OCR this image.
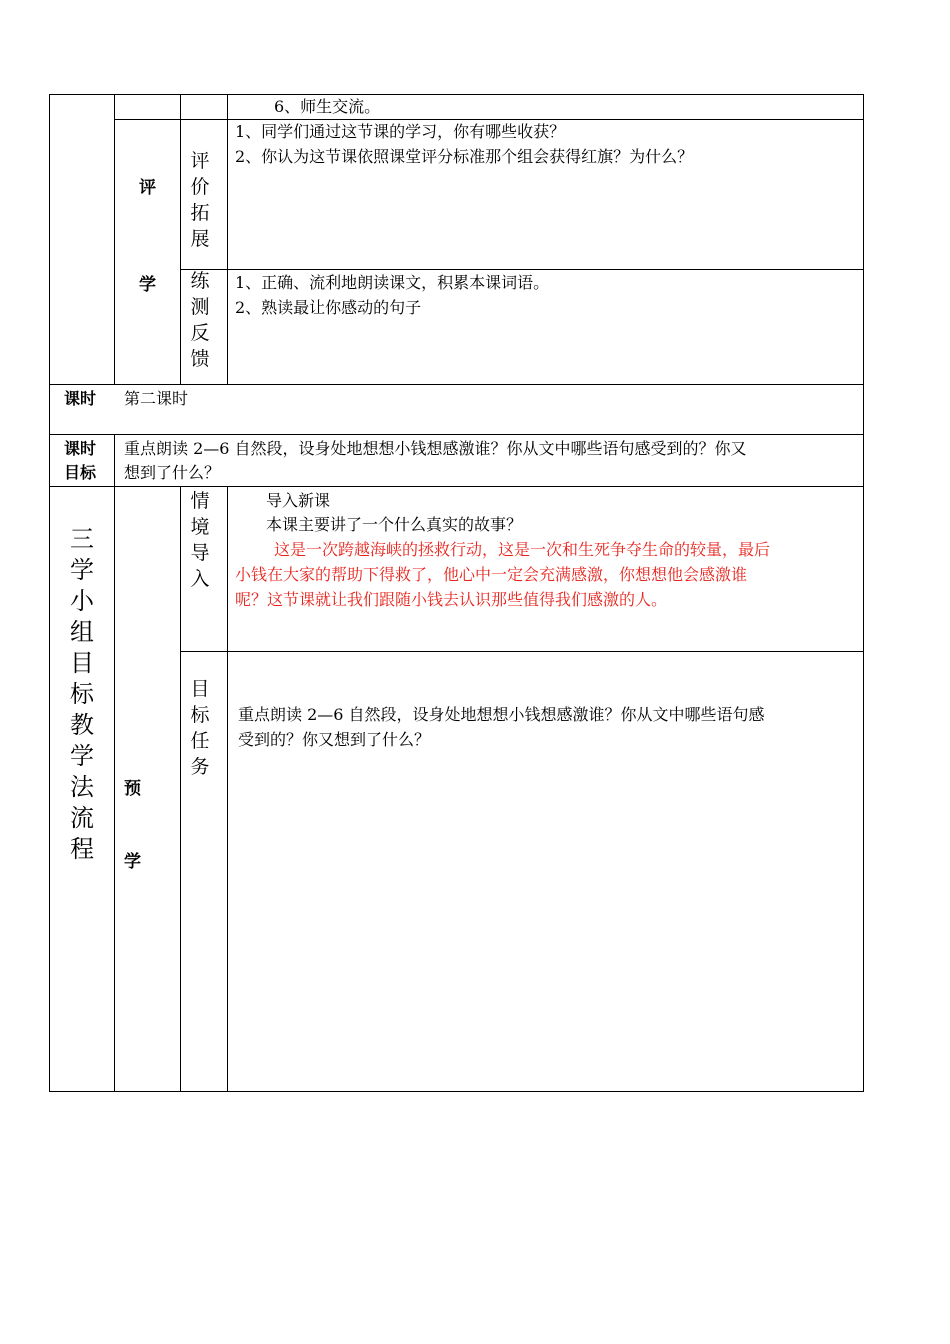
6、师生交流。
评
学
评价拓展
1、同学们通过这节课的学习，你有哪些收获？
2、你认为这节课依照课堂评分标准那个组会获得红旗？为什么？
练测反馈
1、正确、流利地朗读课文，积累本课词语。
2、熟读最让你感动的句子
课时 第二课时
课时
目标
重点朗读 2—6 自然段，设身处地想想小钱想感激谁？你从文中哪些语句感受到的？你又
想到了什么？
三学小组目标教学法流程
预
学
情境导入
导入新课
本课主要讲了一个什么真实的故事？
这是一次跨越海峡的拯救行动，这是一次和生死争夺生命的较量，最后
小钱在大家的帮助下得救了，他心中一定会充满感激，你想想他会感激谁
呢？这节课就让我们跟随小钱去认识那些值得我们感激的人。
目标任务
重点朗读 2—6 自然段，设身处地想想小钱想感激谁？你从文中哪些语句感
受到的？你又想到了什么？
